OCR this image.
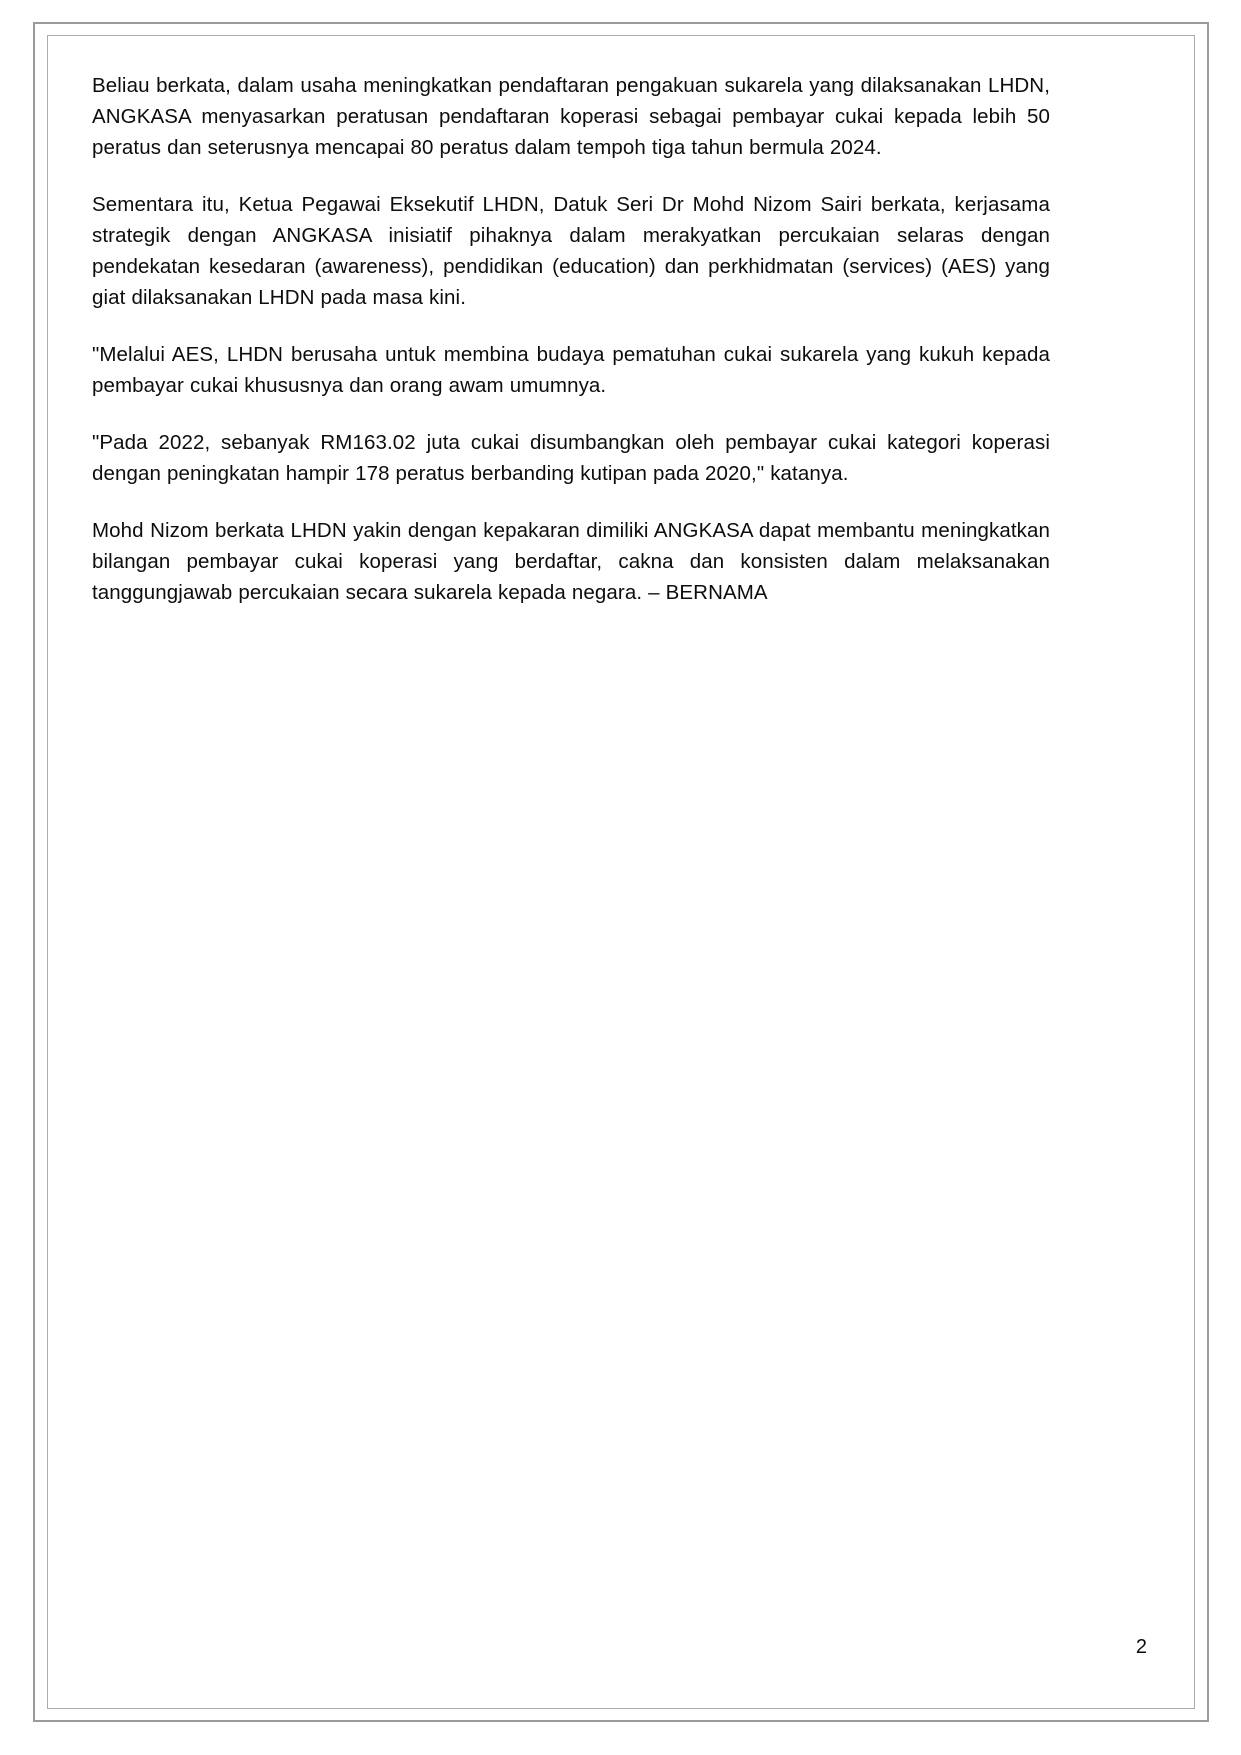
Beliau berkata, dalam usaha meningkatkan pendaftaran pengakuan sukarela yang dilaksanakan LHDN, ANGKASA menyasarkan peratusan pendaftaran koperasi sebagai pembayar cukai kepada lebih 50 peratus dan seterusnya mencapai 80 peratus dalam tempoh tiga tahun bermula 2024.

Sementara itu, Ketua Pegawai Eksekutif LHDN, Datuk Seri Dr Mohd Nizom Sairi berkata, kerjasama strategik dengan ANGKASA inisiatif pihaknya dalam merakyatkan percukaian selaras dengan pendekatan kesedaran (awareness), pendidikan (education) dan perkhidmatan (services) (AES) yang giat dilaksanakan LHDN pada masa kini.

"Melalui AES, LHDN berusaha untuk membina budaya pematuhan cukai sukarela yang kukuh kepada pembayar cukai khususnya dan orang awam umumnya.

"Pada 2022, sebanyak RM163.02 juta cukai disumbangkan oleh pembayar cukai kategori koperasi dengan peningkatan hampir 178 peratus berbanding kutipan pada 2020," katanya.

Mohd Nizom berkata LHDN yakin dengan kepakaran dimiliki ANGKASA dapat membantu meningkatkan bilangan pembayar cukai koperasi yang berdaftar, cakna dan konsisten dalam melaksanakan tanggungjawab percukaian secara sukarela kepada negara. – BERNAMA

2
